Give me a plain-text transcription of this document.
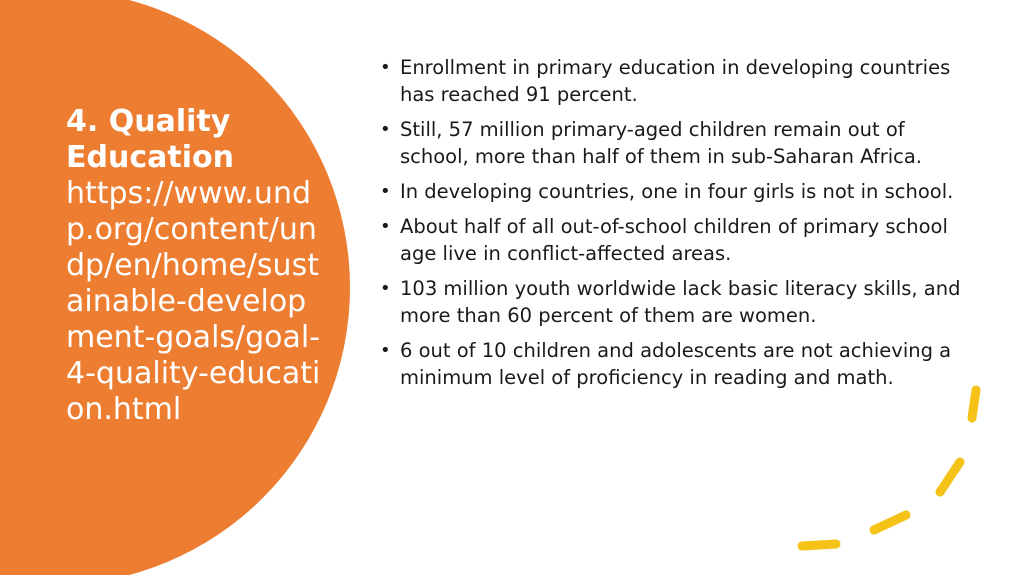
4. Quality Education
https://www.undp.org/content/undp/en/home/sustainable-development-goals/goal-4-quality-education.html
• Enrollment in primary education in developing countries has reached 91 percent.
• Still, 57 million primary-aged children remain out of school, more than half of them in sub-Saharan Africa.
• In developing countries, one in four girls is not in school.
• About half of all out-of-school children of primary school age live in conflict-affected areas.
• 103 million youth worldwide lack basic literacy skills, and more than 60 percent of them are women.
• 6 out of 10 children and adolescents are not achieving a minimum level of proficiency in reading and math.
